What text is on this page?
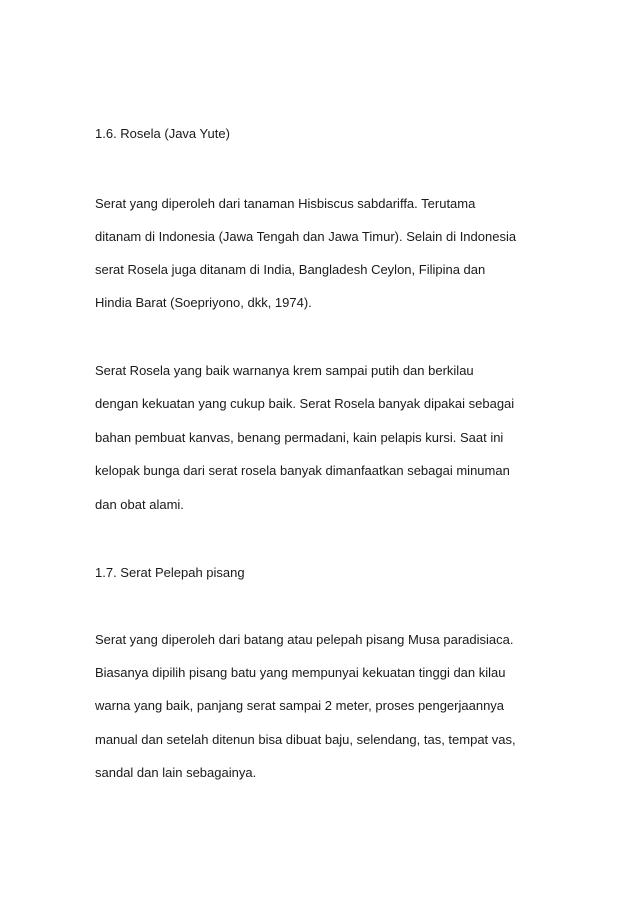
1.6. Rosela (Java Yute)
Serat yang diperoleh dari tanaman Hisbiscus sabdariffa. Terutama
ditanam di Indonesia (Jawa Tengah dan Jawa Timur). Selain di Indonesia
serat Rosela juga ditanam di India, Bangladesh Ceylon, Filipina dan
Hindia Barat (Soepriyono, dkk, 1974).
Serat Rosela yang baik warnanya krem sampai putih dan berkilau
dengan kekuatan yang cukup baik. Serat Rosela banyak dipakai sebagai
bahan pembuat kanvas, benang permadani, kain pelapis kursi. Saat ini
kelopak bunga dari serat rosela banyak dimanfaatkan sebagai minuman
dan obat alami.
1.7. Serat Pelepah pisang
Serat yang diperoleh dari batang atau pelepah pisang Musa paradisiaca.
Biasanya dipilih pisang batu yang mempunyai kekuatan tinggi dan kilau
warna yang baik, panjang serat sampai 2 meter, proses pengerjaannya
manual dan setelah ditenun bisa dibuat baju, selendang, tas, tempat vas,
sandal dan lain sebagainya.
